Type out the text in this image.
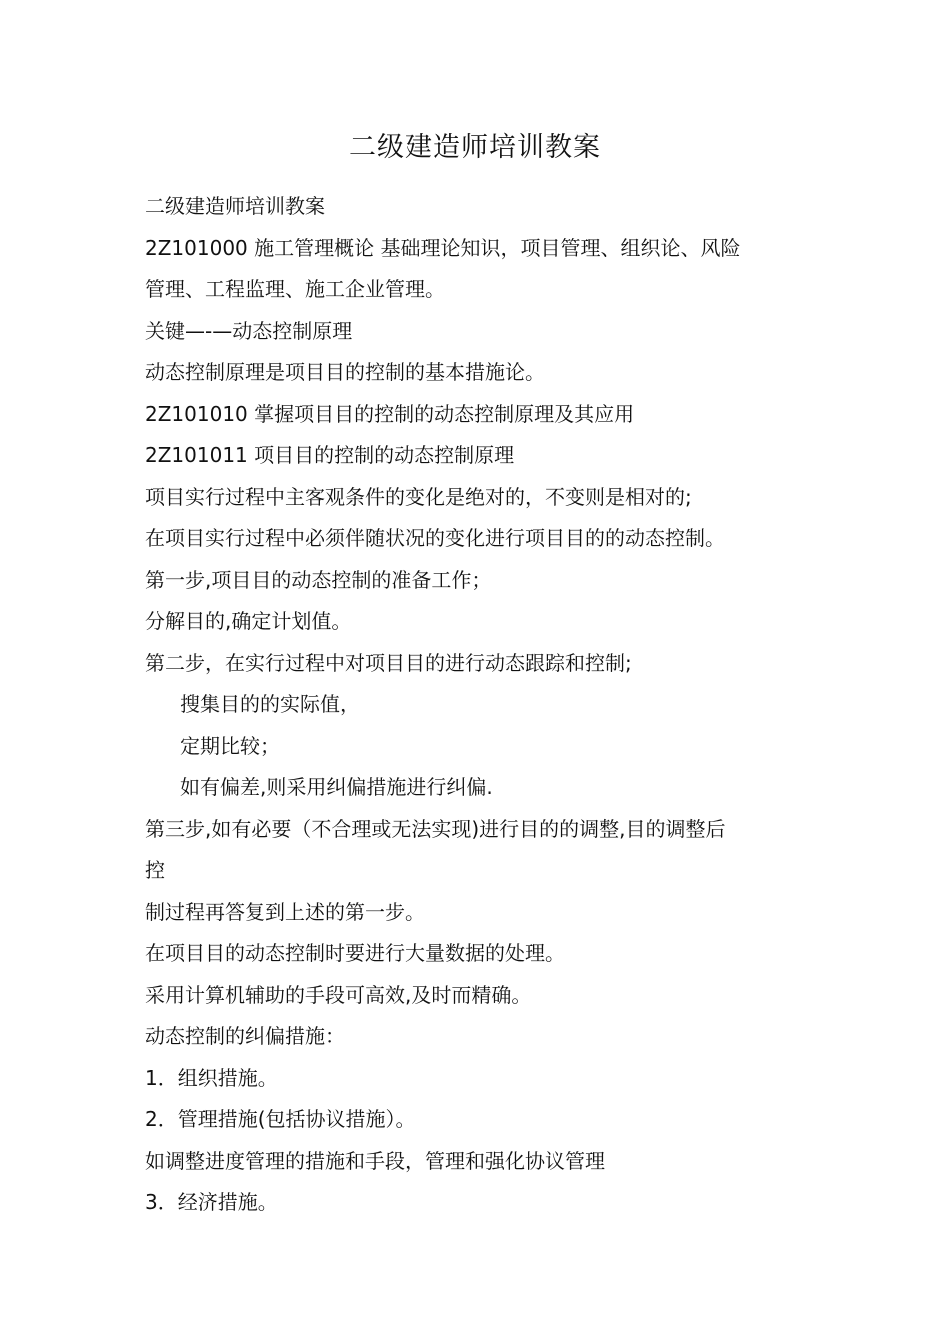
二级建造师培训教案
二级建造师培训教案
2Z101000 施工管理概论 基础理论知识，项目管理、组织论、风险
管理、工程监理、施工企业管理。
关键—-—动态控制原理
动态控制原理是项目目的控制的基本措施论。
2Z101010 掌握项目目的控制的动态控制原理及其应用
2Z101011 项目目的控制的动态控制原理
项目实行过程中主客观条件的变化是绝对的，不变则是相对的;
在项目实行过程中必须伴随状况的变化进行项目目的的动态控制。
第一步,项目目的动态控制的准备工作；
分解目的,确定计划值。
第二步，在实行过程中对项目目的进行动态跟踪和控制;
搜集目的的实际值，
定期比较；
如有偏差,则采用纠偏措施进行纠偏.
第三步,如有必要（不合理或无法实现)进行目的的调整,目的调整后
控
制过程再答复到上述的第一步。
在项目目的动态控制时要进行大量数据的处理。
采用计算机辅助的手段可高效,及时而精确。
动态控制的纠偏措施：
1．组织措施。
2．管理措施(包括协议措施）。
如调整进度管理的措施和手段，管理和强化协议管理
3．经济措施。
